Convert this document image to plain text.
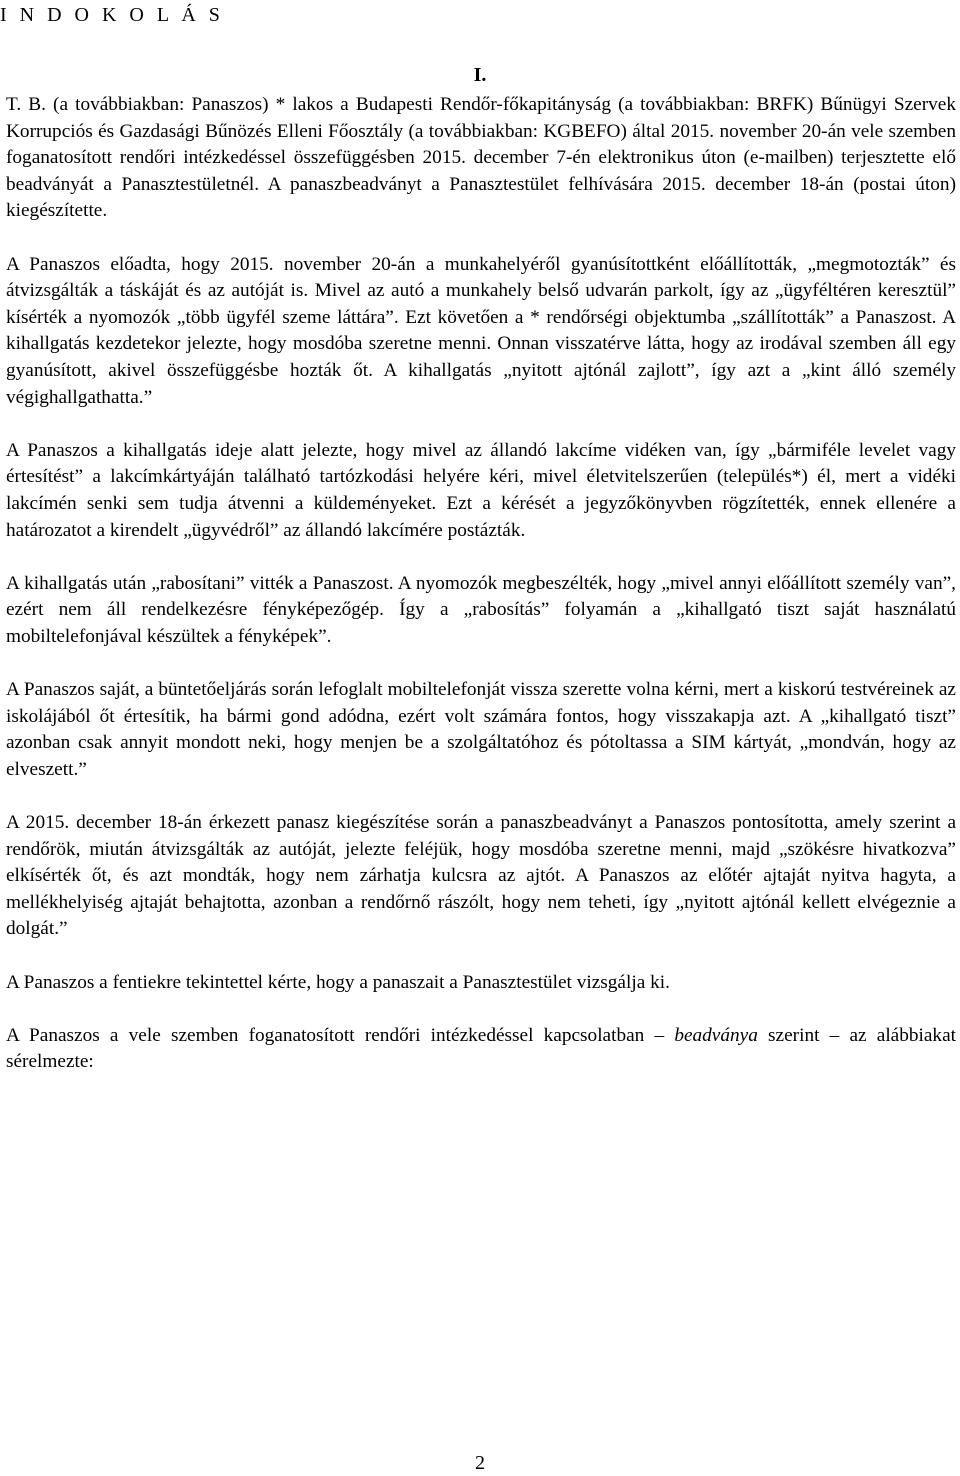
I N D O K O L Á S
I.

T. B. (a továbbiakban: Panaszos) * lakos a Budapesti Rendőr-főkapitányság (a továbbiakban: BRFK) Bűnügyi Szervek Korrupciós és Gazdasági Bűnözés Elleni Főosztály (a továbbiakban: KGBEFO) által 2015. november 20-án vele szemben foganatosított rendőri intézkedéssel összefüggésben 2015. december 7-én elektronikus úton (e-mailben) terjesztette elő beadványát a Panasztestületnél. A panaszbeadványt a Panasztestület felhívására 2015. december 18-án (postai úton) kiegészítette.

A Panaszos előadta, hogy 2015. november 20-án a munkahelyéről gyanúsítottként előállították, „megmotozták” és átvizsgálták a táskáját és az autóját is. Mivel az autó a munkahely belső udvarán parkolt, így az „ügyféltéren keresztül” kísérték a nyomozók „több ügyfél szeme láttára”. Ezt követően a * rendőrségi objektumba „szállították” a Panaszost. A kihallgatás kezdetekor jelezte, hogy mosdóba szeretne menni. Onnan visszatérve látta, hogy az irodával szemben áll egy gyanúsított, akivel összefüggésbe hozták őt. A kihallgatás „nyitott ajtónál zajlott”, így azt a „kint álló személy végighallgathatta.”

A Panaszos a kihallgatás ideje alatt jelezte, hogy mivel az állandó lakcíme vidéken van, így „bármiféle levelet vagy értesítést” a lakcímkártyáján található tartózkodási helyére kéri, mivel életvitelszerűen (település*) él, mert a vidéki lakcímén senki sem tudja átvenni a küldeményeket. Ezt a kérését a jegyzőkönyvben rögzítették, ennek ellenére a határozatot a kirendelt „ügyvédről” az állandó lakcímére postázták.

A kihallgatás után „rabosítani” vitték a Panaszost. A nyomozók megbeszélték, hogy „mivel annyi előállított személy van”, ezért nem áll rendelkezésre fényképezőgép. Így a „rabosítás” folyamán a „kihallgató tiszt saját használatú mobiltelefonjával készültek a fényképek”.

A Panaszos saját, a büntetőeljárás során lefoglalt mobiltelefonját vissza szerette volna kérni, mert a kiskorú testvéreinek az iskolájából őt értesítik, ha bármi gond adódna, ezért volt számára fontos, hogy visszakapja azt. A „kihallgató tiszt” azonban csak annyit mondott neki, hogy menjen be a szolgáltatóhoz és pótoltassa a SIM kártyát, „mondván, hogy az elveszett.”

A 2015. december 18-án érkezett panasz kiegészítése során a panaszbeadványt a Panaszos pontosította, amely szerint a rendőrök, miután átvizsgálták az autóját, jelezte feléjük, hogy mosdóba szeretne menni, majd „szökésre hivatkozva” elkísérték őt, és azt mondták, hogy nem zárhatja kulcsra az ajtót. A Panaszos az előtér ajtaját nyitva hagyta, a mellékhelyiség ajtaját behajtotta, azonban a rendőrnő rászólt, hogy nem teheti, így „nyitott ajtónál kellett elvégeznie a dolgát.”

A Panaszos a fentiekre tekintettel kérte, hogy a panaszait a Panasztestület vizsgálja ki.

A Panaszos a vele szemben foganatosított rendőri intézkedéssel kapcsolatban – beadványa szerint – az alábbiakat sérelmezte:

2
